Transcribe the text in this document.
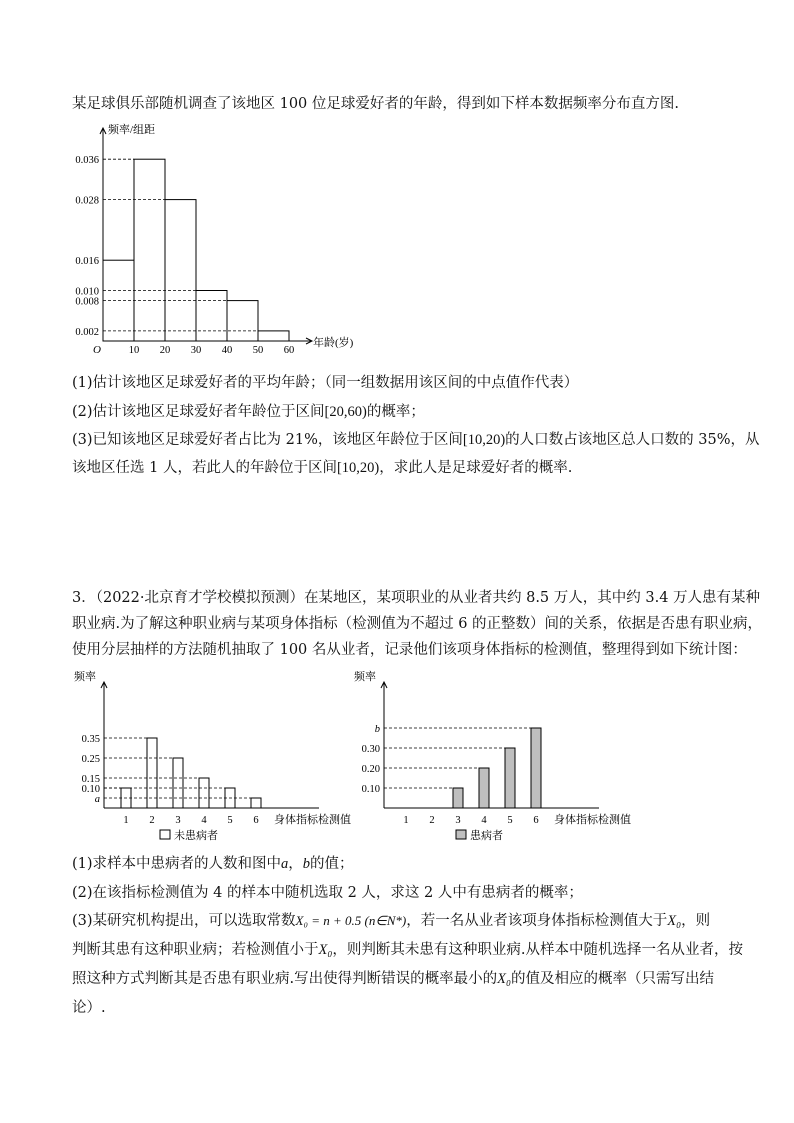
某足球俱乐部随机调查了该地区 100 位足球爱好者的年龄，得到如下样本数据频率分布直方图.
频率/组距
年龄(岁)
O
0.036
0.028
0.016
0.010
0.008
0.002
10 20 30 40 50 60
(1)估计该地区足球爱好者的平均年龄；（同一组数据用该区间的中点值作代表）
(2)估计该地区足球爱好者年龄位于区间[20,60)的概率；
(3)已知该地区足球爱好者占比为 21%，该地区年龄位于区间[10,20)的人口数占该地区总人口数的 35%，从
该地区任选 1 人，若此人的年龄位于区间[10,20)，求此人是足球爱好者的概率.
3．（2022·北京育才学校模拟预测）在某地区，某项职业的从业者共约 8.5 万人，其中约 3.4 万人患有某种
职业病.为了解这种职业病与某项身体指标（检测值为不超过 6 的正整数）间的关系，依据是否患有职业病，
使用分层抽样的方法随机抽取了 100 名从业者，记录他们该项身体指标的检测值，整理得到如下统计图：
频率
身体指标检测值
1 2 3 4 5 6
0.35
0.25
0.15
0.10
a
未患病者
频率
身体指标检测值
1 2 3 4 5 6
b
0.30
0.20
0.10
患病者
(1)求样本中患病者的人数和图中a，b的值；
(2)在该指标检测值为 4 的样本中随机选取 2 人，求这 2 人中有患病者的概率；
(3)某研究机构提出，可以选取常数X₀ = n + 0.5 (n∈N*)，若一名从业者该项身体指标检测值大于X₀，则
判断其患有这种职业病；若检测值小于X₀，则判断其未患有这种职业病.从样本中随机选择一名从业者，按
照这种方式判断其是否患有职业病.写出使得判断错误的概率最小的X₀的值及相应的概率（只需写出结
论）.
